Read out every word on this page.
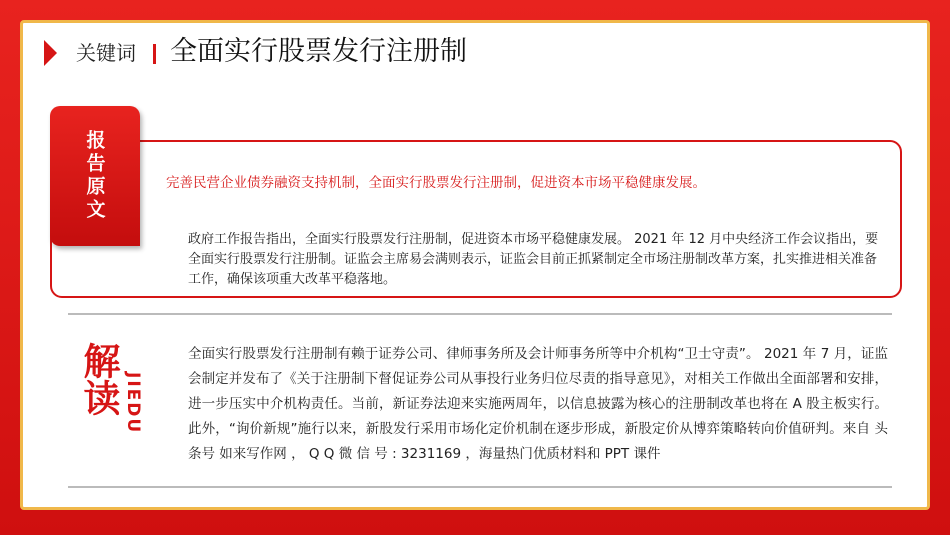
关键词 全面实行股票发行注册制
报告原文	完善民营企业债券融资支持机制，全面实行股票发行注册制，促进资本市场平稳健康发展。
政府工作报告指出，全面实行股票发行注册制，促进资本市场平稳健康发展。 2021 年 12 月中央经济工作会议指出，要全面实行股票发行注册制。证监会主席易会满则表示，证监会目前正抓紧制定全市场注册制改革方案，扎实推进相关准备工作，确保该项重大改革平稳落地。
解读 JIEDU
全面实行股票发行注册制有赖于证券公司、律师事务所及会计师事务所等中介机构“卫士守责”。 2021 年 7 月，证监会制定并发布了《关于注册制下督促证券公司从事投行业务归位尽责的指导意见》，对相关工作做出全面部署和安排，进一步压实中介机构责任。当前，新证券法迎来实施两周年，以信息披露为核心的注册制改革也将在 A 股主板实行。此外，“询价新规”施行以来，新股发行采用市场化定价机制在逐步形成，新股定价从博弈策略转向价值研判。来自 头条号 如来写作网 ， Q Q 微 信 号 : 3231169 ，海量热门优质材料和 PPT 课件
